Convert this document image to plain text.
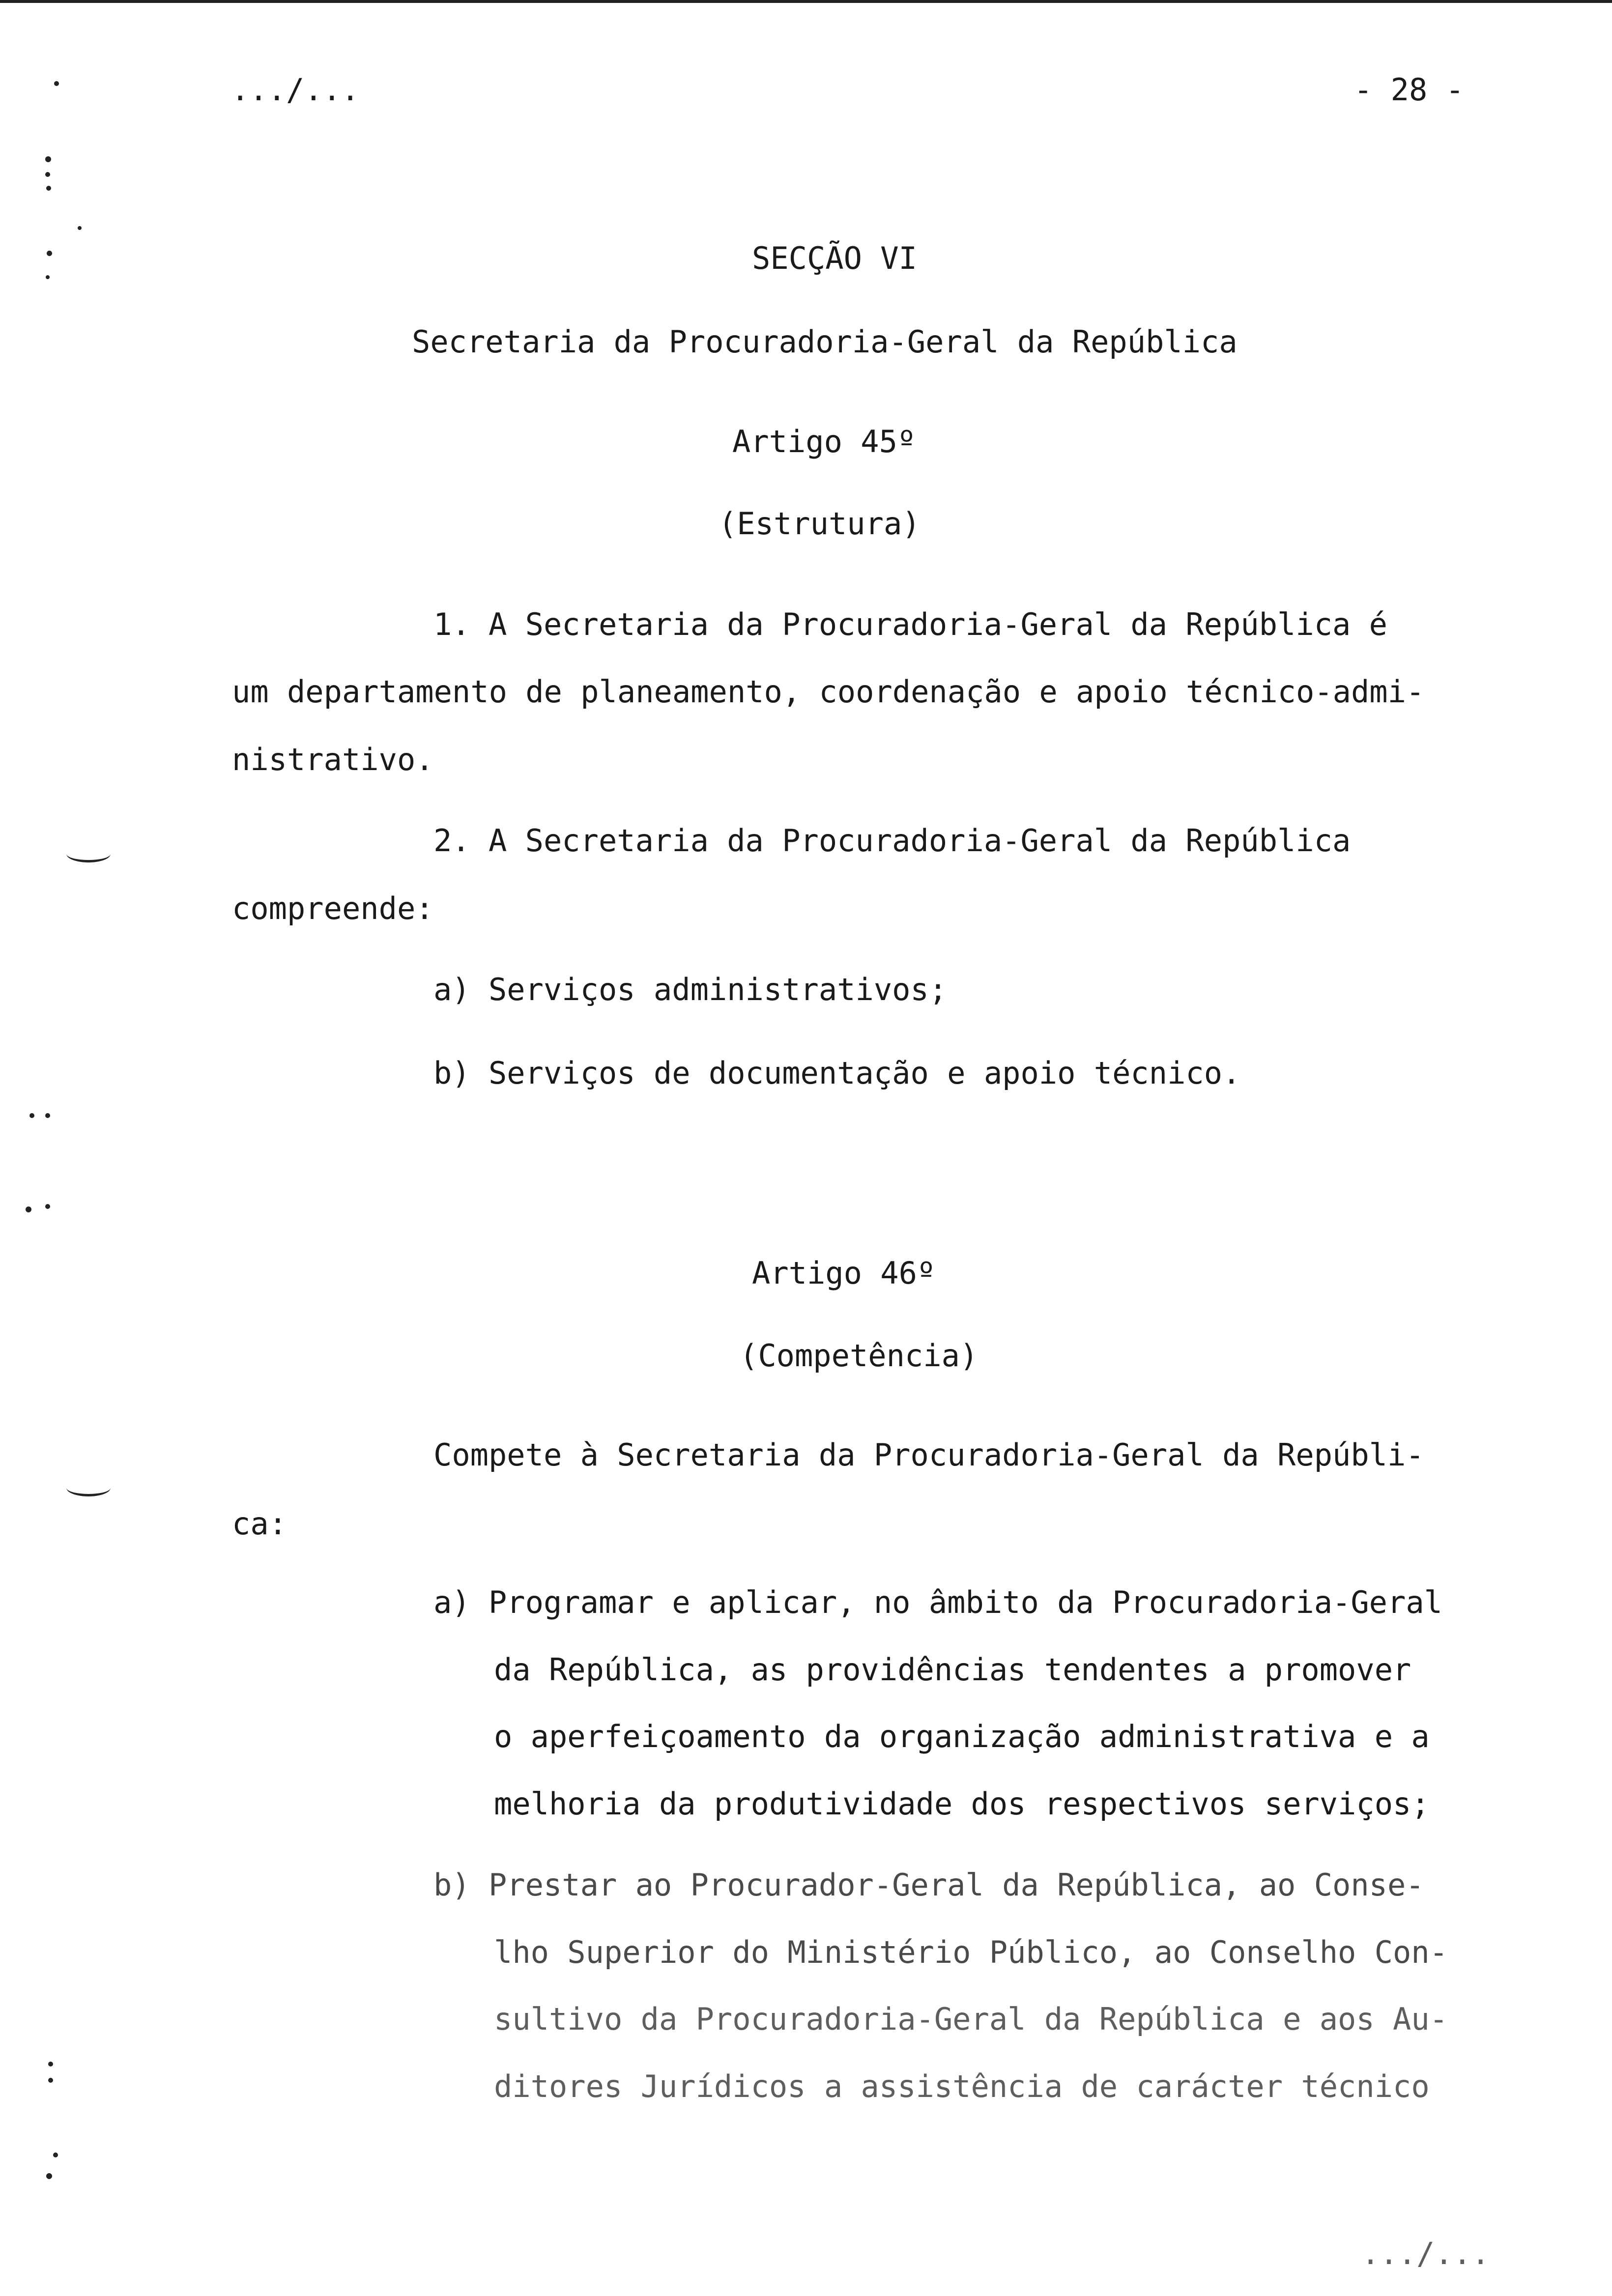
.../...	- 28 -
SECÇÃO VI
Secretaria da Procuradoria-Geral da República
Artigo 45º
(Estrutura)
1. A Secretaria da Procuradoria-Geral da República é
um departamento de planeamento, coordenação e apoio técnico-admi-
nistrativo.
2. A Secretaria da Procuradoria-Geral da República
compreende:
a) Serviços administrativos;
b) Serviços de documentação e apoio técnico.
Artigo 46º
(Competência)
Compete à Secretaria da Procuradoria-Geral da Repúbli-
ca:
a) Programar e aplicar, no âmbito da Procuradoria-Geral
da República, as providências tendentes a promover
o aperfeiçoamento da organização administrativa e a
melhoria da produtividade dos respectivos serviços;
b) Prestar ao Procurador-Geral da República, ao Conse-
lho Superior do Ministério Público, ao Conselho Con-
sultivo da Procuradoria-Geral da República e aos Au-
ditores Jurídicos a assistência de carácter técnico
.../...
